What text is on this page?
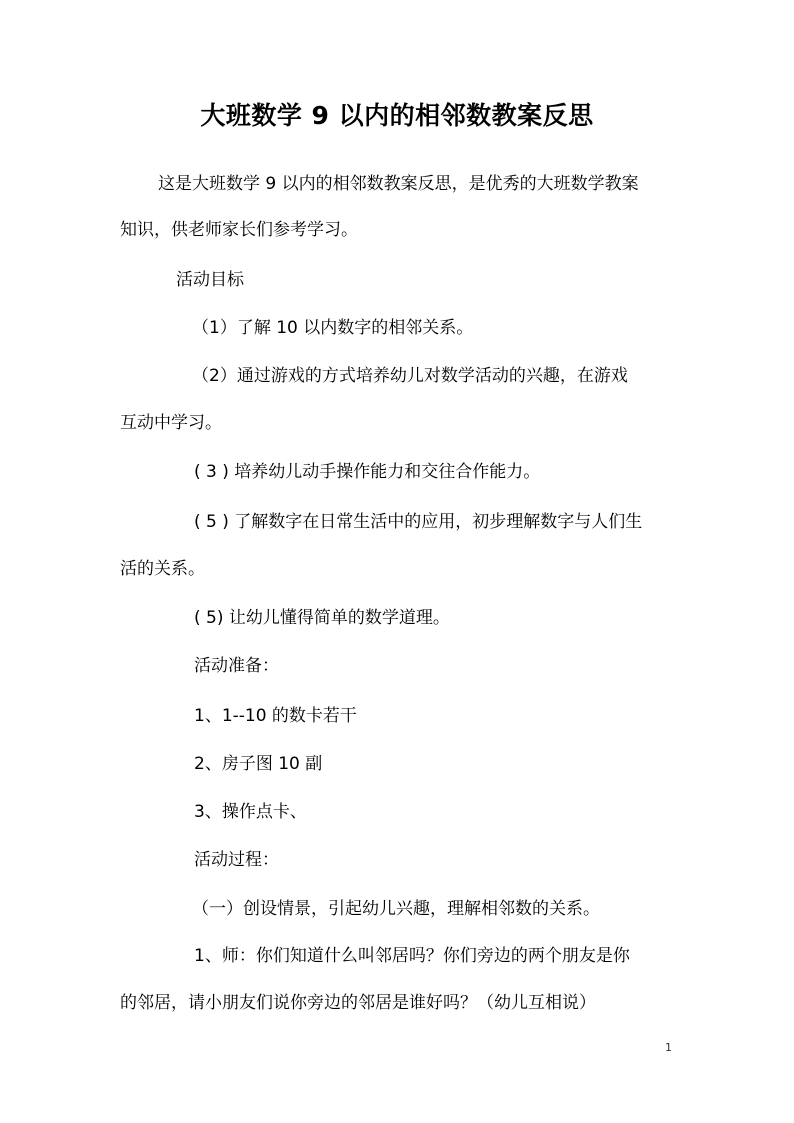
大班数学 9 以内的相邻数教案反思
这是大班数学 9 以内的相邻数教案反思，是优秀的大班数学教案
知识，供老师家长们参考学习。
活动目标
（1）了解 10 以内数字的相邻关系。
（2）通过游戏的方式培养幼儿对数学活动的兴趣，在游戏
互动中学习。
( 3 ) 培养幼儿动手操作能力和交往合作能力。
( 5 ) 了解数字在日常生活中的应用，初步理解数字与人们生
活的关系。
( 5) 让幼儿懂得简单的数学道理。
活动准备：
1、1--10 的数卡若干
2、房子图 10 副
3、操作点卡、
活动过程：
（一）创设情景，引起幼儿兴趣，理解相邻数的关系。
1、师：你们知道什么叫邻居吗？你们旁边的两个朋友是你
的邻居，请小朋友们说你旁边的邻居是谁好吗？（幼儿互相说）
1
